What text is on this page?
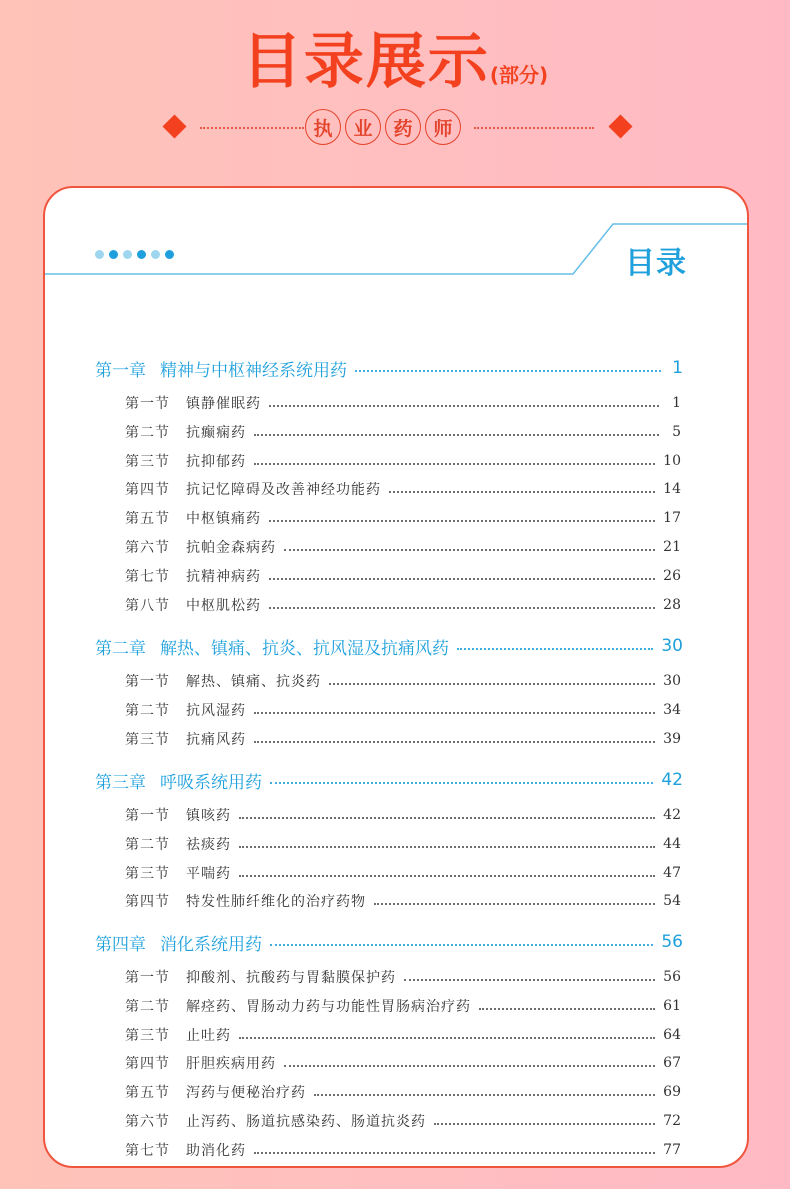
目录展示(部分)
执	业	药	师
目录
第一章 精神与中枢神经系统用药	1
第一节 镇静催眠药	1
第二节 抗癫痫药	5
第三节 抗抑郁药	10
第四节 抗记忆障碍及改善神经功能药	14
第五节 中枢镇痛药	17
第六节 抗帕金森病药	21
第七节 抗精神病药	26
第八节 中枢肌松药	28
第二章 解热、镇痛、抗炎、抗风湿及抗痛风药	30
第一节 解热、镇痛、抗炎药	30
第二节 抗风湿药	34
第三节 抗痛风药	39
第三章 呼吸系统用药	42
第一节 镇咳药	42
第二节 祛痰药	44
第三节 平喘药	47
第四节 特发性肺纤维化的治疗药物	54
第四章 消化系统用药	56
第一节 抑酸剂、抗酸药与胃黏膜保护药	56
第二节 解痉药、胃肠动力药与功能性胃肠病治疗药	61
第三节 止吐药	64
第四节 肝胆疾病用药	67
第五节 泻药与便秘治疗药	69
第六节 止泻药、肠道抗感染药、肠道抗炎药	72
第七节 助消化药	77
